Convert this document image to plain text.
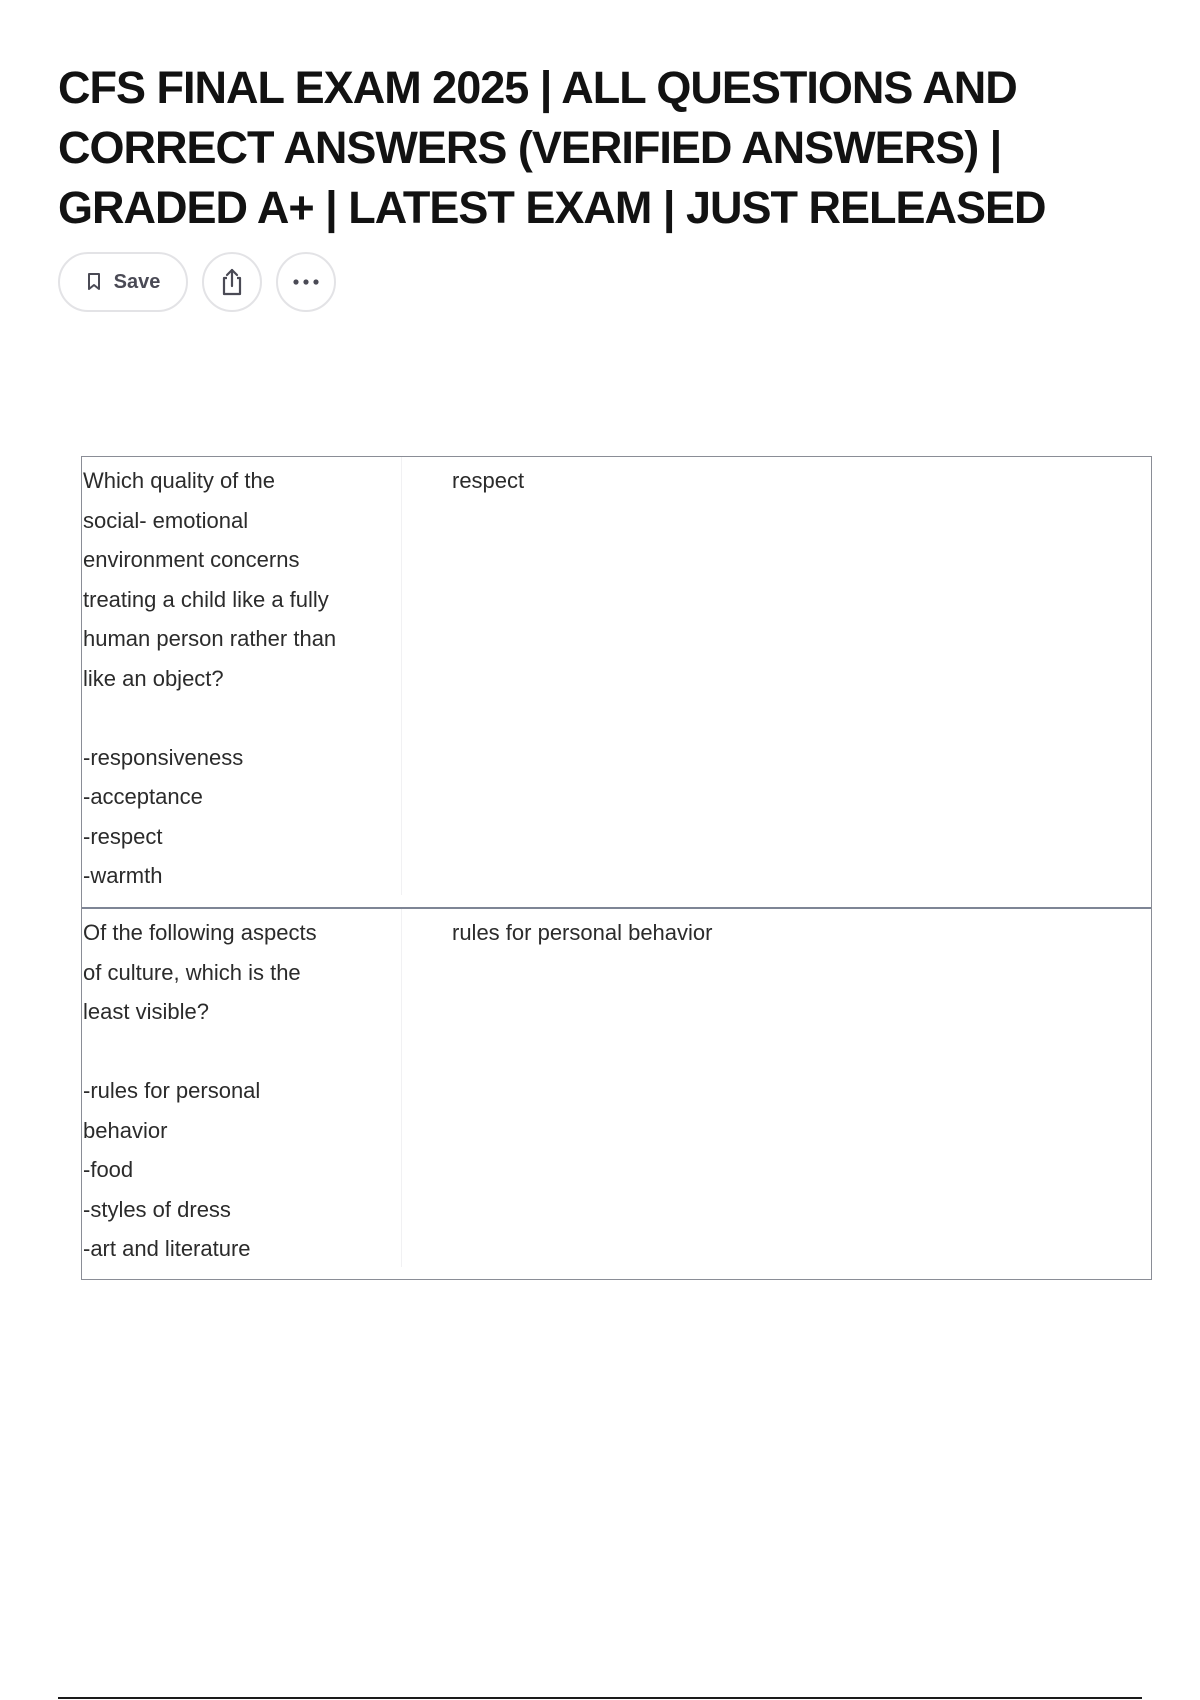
CFS FINAL EXAM 2025 | ALL QUESTIONS AND CORRECT ANSWERS (VERIFIED ANSWERS) | GRADED A+ | LATEST EXAM | JUST RELEASED
Save
Which quality of the
social- emotional
environment concerns
treating a child like a fully
human person rather than
like an object?

-responsiveness
-acceptance
-respect
-warmth
respect
Of the following aspects
of culture, which is the
least visible?

-rules for personal
behavior
-food
-styles of dress
-art and literature
rules for personal behavior
